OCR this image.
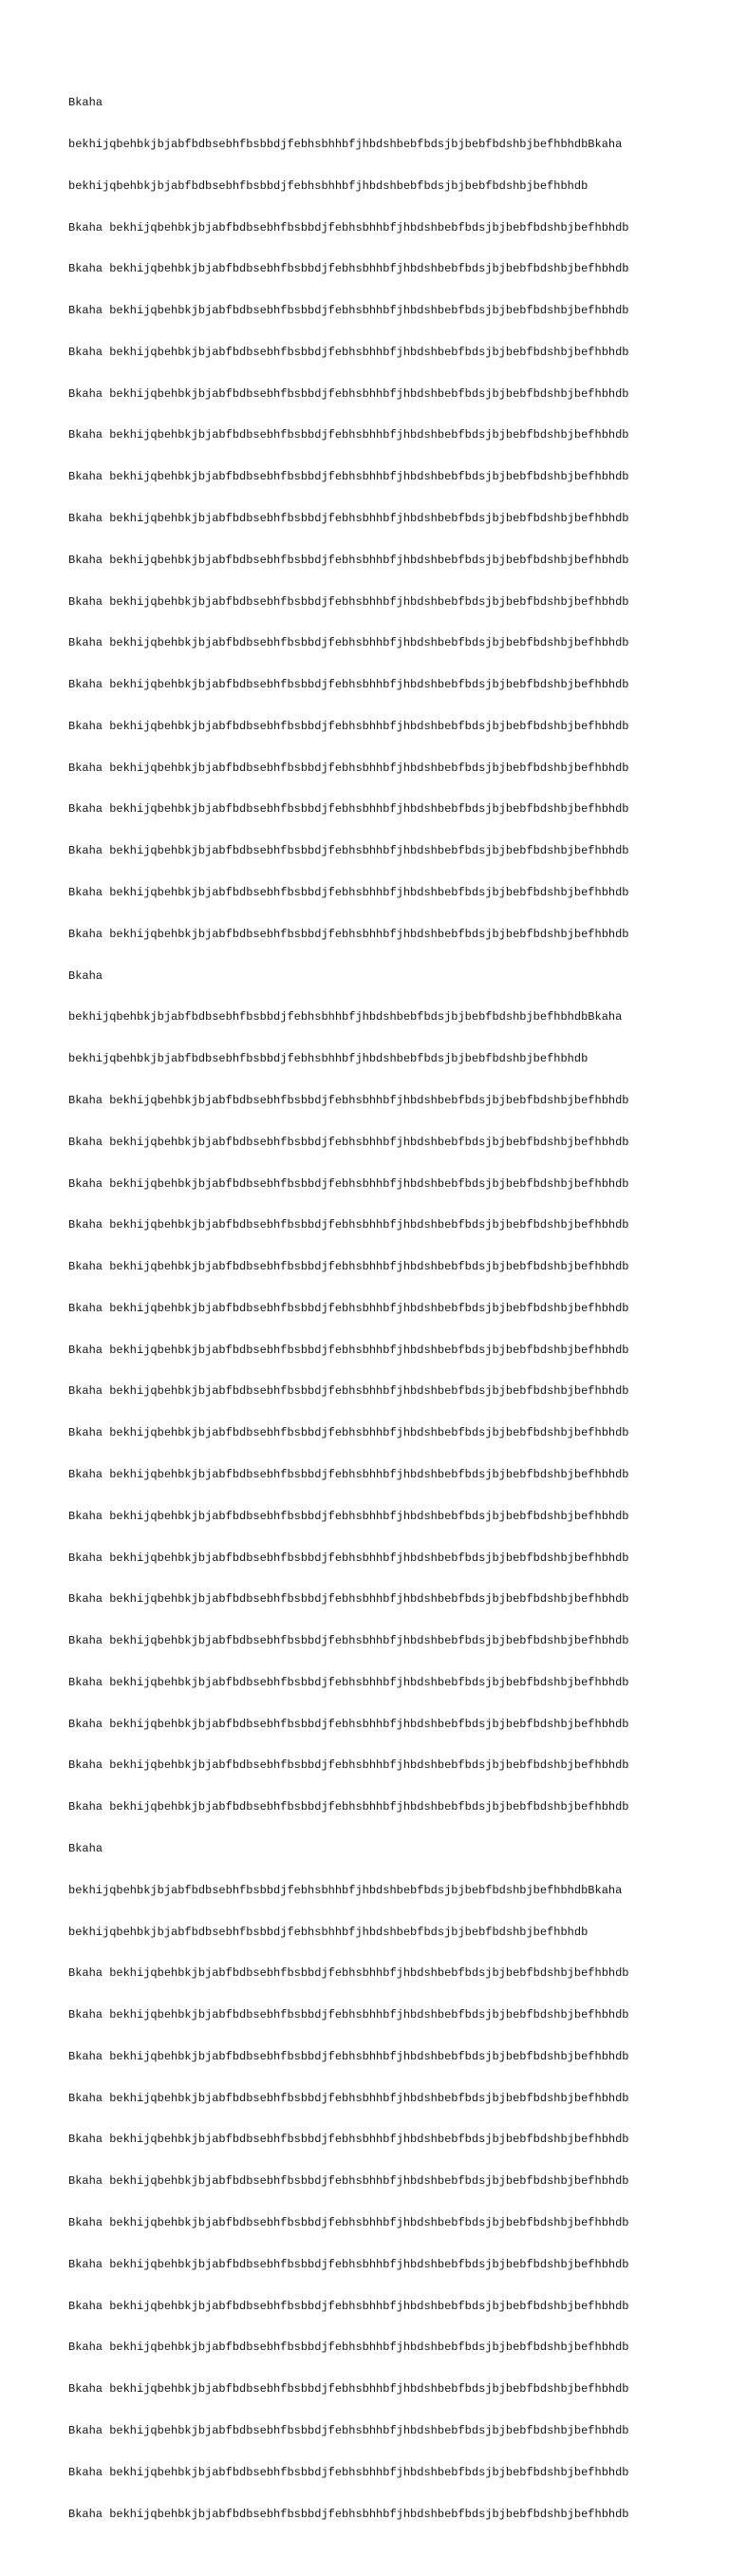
Bkaha

bekhijqbehbkjbjabfbdbsebhfbsbbdjfebhsbhhbfjhbdshbebfbdsjbjbebfbdshbjbefhbhdbBkaha

bekhijqbehbkjbjabfbdbsebhfbsbbdjfebhsbhhbfjhbdshbebfbdsjbjbebfbdshbjbefhbhdb

Bkaha bekhijqbehbkjbjabfbdbsebhfbsbbdjfebhsbhhbfjhbdshbebfbdsjbjbebfbdshbjbefhbhdb

Bkaha bekhijqbehbkjbjabfbdbsebhfbsbbdjfebhsbhhbfjhbdshbebfbdsjbjbebfbdshbjbefhbhdb

Bkaha bekhijqbehbkjbjabfbdbsebhfbsbbdjfebhsbhhbfjhbdshbebfbdsjbjbebfbdshbjbefhbhdb

Bkaha bekhijqbehbkjbjabfbdbsebhfbsbbdjfebhsbhhbfjhbdshbebfbdsjbjbebfbdshbjbefhbhdb

Bkaha bekhijqbehbkjbjabfbdbsebhfbsbbdjfebhsbhhbfjhbdshbebfbdsjbjbebfbdshbjbefhbhdb

Bkaha bekhijqbehbkjbjabfbdbsebhfbsbbdjfebhsbhhbfjhbdshbebfbdsjbjbebfbdshbjbefhbhdb

Bkaha bekhijqbehbkjbjabfbdbsebhfbsbbdjfebhsbhhbfjhbdshbebfbdsjbjbebfbdshbjbefhbhdb

Bkaha bekhijqbehbkjbjabfbdbsebhfbsbbdjfebhsbhhbfjhbdshbebfbdsjbjbebfbdshbjbefhbhdb

Bkaha bekhijqbehbkjbjabfbdbsebhfbsbbdjfebhsbhhbfjhbdshbebfbdsjbjbebfbdshbjbefhbhdb

Bkaha bekhijqbehbkjbjabfbdbsebhfbsbbdjfebhsbhhbfjhbdshbebfbdsjbjbebfbdshbjbefhbhdb

Bkaha bekhijqbehbkjbjabfbdbsebhfbsbbdjfebhsbhhbfjhbdshbebfbdsjbjbebfbdshbjbefhbhdb

Bkaha bekhijqbehbkjbjabfbdbsebhfbsbbdjfebhsbhhbfjhbdshbebfbdsjbjbebfbdshbjbefhbhdb

Bkaha bekhijqbehbkjbjabfbdbsebhfbsbbdjfebhsbhhbfjhbdshbebfbdsjbjbebfbdshbjbefhbhdb

Bkaha bekhijqbehbkjbjabfbdbsebhfbsbbdjfebhsbhhbfjhbdshbebfbdsjbjbebfbdshbjbefhbhdb

Bkaha bekhijqbehbkjbjabfbdbsebhfbsbbdjfebhsbhhbfjhbdshbebfbdsjbjbebfbdshbjbefhbhdb

Bkaha bekhijqbehbkjbjabfbdbsebhfbsbbdjfebhsbhhbfjhbdshbebfbdsjbjbebfbdshbjbefhbhdb

Bkaha bekhijqbehbkjbjabfbdbsebhfbsbbdjfebhsbhhbfjhbdshbebfbdsjbjbebfbdshbjbefhbhdb

Bkaha bekhijqbehbkjbjabfbdbsebhfbsbbdjfebhsbhhbfjhbdshbebfbdsjbjbebfbdshbjbefhbhdb

Bkaha

bekhijqbehbkjbjabfbdbsebhfbsbbdjfebhsbhhbfjhbdshbebfbdsjbjbebfbdshbjbefhbhdbBkaha

bekhijqbehbkjbjabfbdbsebhfbsbbdjfebhsbhhbfjhbdshbebfbdsjbjbebfbdshbjbefhbhdb

Bkaha bekhijqbehbkjbjabfbdbsebhfbsbbdjfebhsbhhbfjhbdshbebfbdsjbjbebfbdshbjbefhbhdb

Bkaha bekhijqbehbkjbjabfbdbsebhfbsbbdjfebhsbhhbfjhbdshbebfbdsjbjbebfbdshbjbefhbhdb

Bkaha bekhijqbehbkjbjabfbdbsebhfbsbbdjfebhsbhhbfjhbdshbebfbdsjbjbebfbdshbjbefhbhdb

Bkaha bekhijqbehbkjbjabfbdbsebhfbsbbdjfebhsbhhbfjhbdshbebfbdsjbjbebfbdshbjbefhbhdb

Bkaha bekhijqbehbkjbjabfbdbsebhfbsbbdjfebhsbhhbfjhbdshbebfbdsjbjbebfbdshbjbefhbhdb

Bkaha bekhijqbehbkjbjabfbdbsebhfbsbbdjfebhsbhhbfjhbdshbebfbdsjbjbebfbdshbjbefhbhdb

Bkaha bekhijqbehbkjbjabfbdbsebhfbsbbdjfebhsbhhbfjhbdshbebfbdsjbjbebfbdshbjbefhbhdb

Bkaha bekhijqbehbkjbjabfbdbsebhfbsbbdjfebhsbhhbfjhbdshbebfbdsjbjbebfbdshbjbefhbhdb

Bkaha bekhijqbehbkjbjabfbdbsebhfbsbbdjfebhsbhhbfjhbdshbebfbdsjbjbebfbdshbjbefhbhdb

Bkaha bekhijqbehbkjbjabfbdbsebhfbsbbdjfebhsbhhbfjhbdshbebfbdsjbjbebfbdshbjbefhbhdb

Bkaha bekhijqbehbkjbjabfbdbsebhfbsbbdjfebhsbhhbfjhbdshbebfbdsjbjbebfbdshbjbefhbhdb

Bkaha bekhijqbehbkjbjabfbdbsebhfbsbbdjfebhsbhhbfjhbdshbebfbdsjbjbebfbdshbjbefhbhdb

Bkaha bekhijqbehbkjbjabfbdbsebhfbsbbdjfebhsbhhbfjhbdshbebfbdsjbjbebfbdshbjbefhbhdb

Bkaha bekhijqbehbkjbjabfbdbsebhfbsbbdjfebhsbhhbfjhbdshbebfbdsjbjbebfbdshbjbefhbhdb

Bkaha bekhijqbehbkjbjabfbdbsebhfbsbbdjfebhsbhhbfjhbdshbebfbdsjbjbebfbdshbjbefhbhdb

Bkaha bekhijqbehbkjbjabfbdbsebhfbsbbdjfebhsbhhbfjhbdshbebfbdsjbjbebfbdshbjbefhbhdb

Bkaha bekhijqbehbkjbjabfbdbsebhfbsbbdjfebhsbhhbfjhbdshbebfbdsjbjbebfbdshbjbefhbhdb

Bkaha bekhijqbehbkjbjabfbdbsebhfbsbbdjfebhsbhhbfjhbdshbebfbdsjbjbebfbdshbjbefhbhdb

Bkaha

bekhijqbehbkjbjabfbdbsebhfbsbbdjfebhsbhhbfjhbdshbebfbdsjbjbebfbdshbjbefhbhdbBkaha

bekhijqbehbkjbjabfbdbsebhfbsbbdjfebhsbhhbfjhbdshbebfbdsjbjbebfbdshbjbefhbhdb

Bkaha bekhijqbehbkjbjabfbdbsebhfbsbbdjfebhsbhhbfjhbdshbebfbdsjbjbebfbdshbjbefhbhdb

Bkaha bekhijqbehbkjbjabfbdbsebhfbsbbdjfebhsbhhbfjhbdshbebfbdsjbjbebfbdshbjbefhbhdb

Bkaha bekhijqbehbkjbjabfbdbsebhfbsbbdjfebhsbhhbfjhbdshbebfbdsjbjbebfbdshbjbefhbhdb

Bkaha bekhijqbehbkjbjabfbdbsebhfbsbbdjfebhsbhhbfjhbdshbebfbdsjbjbebfbdshbjbefhbhdb

Bkaha bekhijqbehbkjbjabfbdbsebhfbsbbdjfebhsbhhbfjhbdshbebfbdsjbjbebfbdshbjbefhbhdb

Bkaha bekhijqbehbkjbjabfbdbsebhfbsbbdjfebhsbhhbfjhbdshbebfbdsjbjbebfbdshbjbefhbhdb

Bkaha bekhijqbehbkjbjabfbdbsebhfbsbbdjfebhsbhhbfjhbdshbebfbdsjbjbebfbdshbjbefhbhdb

Bkaha bekhijqbehbkjbjabfbdbsebhfbsbbdjfebhsbhhbfjhbdshbebfbdsjbjbebfbdshbjbefhbhdb

Bkaha bekhijqbehbkjbjabfbdbsebhfbsbbdjfebhsbhhbfjhbdshbebfbdsjbjbebfbdshbjbefhbhdb

Bkaha bekhijqbehbkjbjabfbdbsebhfbsbbdjfebhsbhhbfjhbdshbebfbdsjbjbebfbdshbjbefhbhdb

Bkaha bekhijqbehbkjbjabfbdbsebhfbsbbdjfebhsbhhbfjhbdshbebfbdsjbjbebfbdshbjbefhbhdb

Bkaha bekhijqbehbkjbjabfbdbsebhfbsbbdjfebhsbhhbfjhbdshbebfbdsjbjbebfbdshbjbefhbhdb

Bkaha bekhijqbehbkjbjabfbdbsebhfbsbbdjfebhsbhhbfjhbdshbebfbdsjbjbebfbdshbjbefhbhdb

Bkaha bekhijqbehbkjbjabfbdbsebhfbsbbdjfebhsbhhbfjhbdshbebfbdsjbjbebfbdshbjbefhbhdb
